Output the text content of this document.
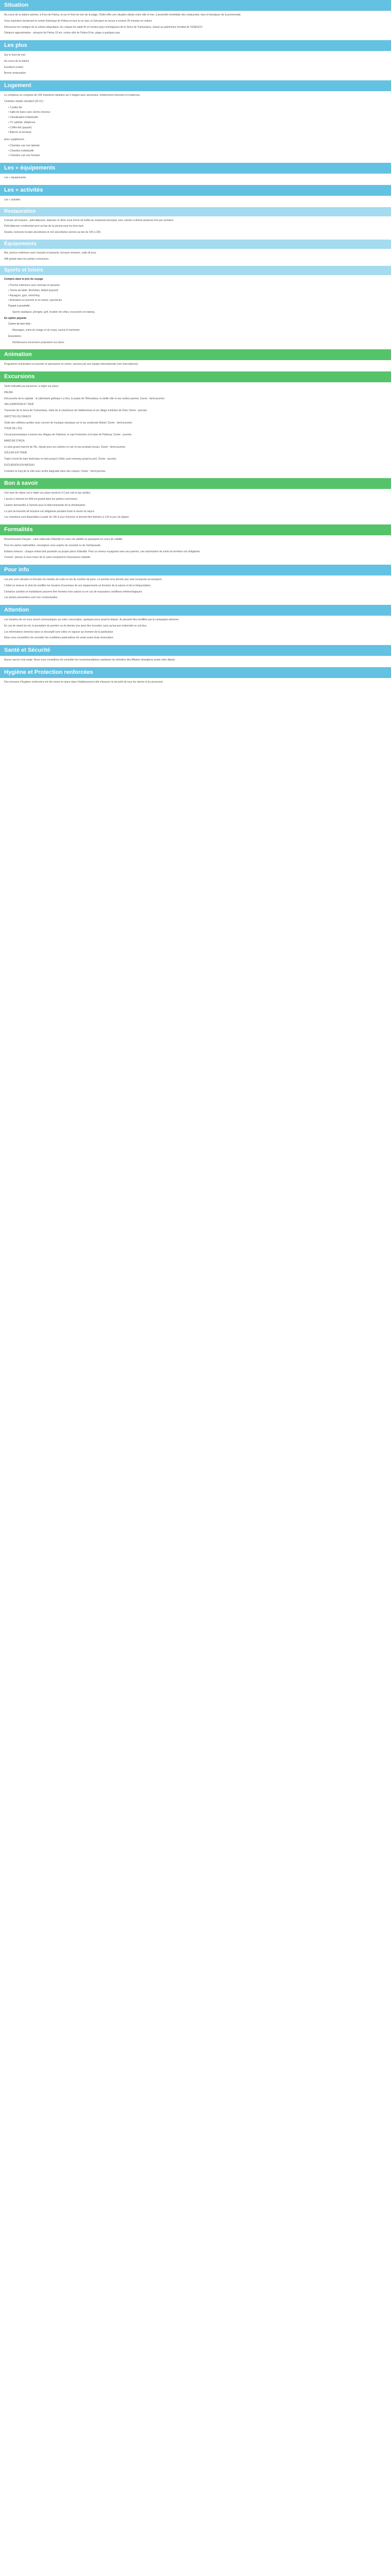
Situation

Au coeur de la station animée, à 8 km de Palma, et sur le front de mer de la plage, l'hôtel offre une situation idéale entre ville et mer, à proximité immédiate des restaurants, bars et boutiques de la promenade.

Vous rejoindrez facilement le centre historique de Palma en bus ou en taxi, et l'aéroport se trouve à environ 20 minutes en voiture.

Découvrez les vestiges de la culture talayotique, les criques de sable fin et l'arrière-pays montagneux de la Serra de Tramuntana, classé au patrimoine mondial de l'UNESCO.

Distance approximative : aéroport de Palma 15 km, centre-ville de Palma 8 km, plage à quelques pas.

Les plus

Sur le front de mer

Au coeur de la station

Excellent confort

Bonne restauration

Logement

Le complexe se compose de 165 chambres réparties sur 6 étages avec ascenseur, entièrement rénovées et modernes.

Chambre double standard (20 m²) :

• 2 petits lits
• Salle de bains avec sèche-cheveux
• Climatisation individuelle
• TV satellite, téléphone
• Coffre-fort (payant)
• Balcon ou terrasse

Avec supplément :

• Chambre vue mer latérale
• Chambre individuelle
• Chambre vue mer frontale
Les « équipements

Les « équipements

Les « activités

Les « activités

Restauration

Formule all inclusive : petit-déjeuner, déjeuner et dîner sous forme de buffet au restaurant principal, avec soirées à thème plusieurs fois par semaine.

Petit-déjeuner continental servi au bar de la piscine pour les lève-tard.

Snacks, boissons locales alcoolisées et non alcoolisées servies au bar de 10h à 23h.

Équipements

Bar, piscine extérieure avec transats et parasols, terrasse solarium, salle de jeux.

Wifi gratuit dans les parties communes.

Sports et loisirs

Compris dans le prix du voyage

• Piscine extérieure avec transats et parasols
• Tennis de table, fléchettes, billard (payant)
• Aquagym, gym, stretching
• Animation en journée et en soirée, spectacles

Payant à proximité :

Sports nautiques, plongée, golf, location de vélos, excursions en bateau.

En option payante

Centre de bien-être :

Massages, soins du visage et du corps, sauna et hammam.

Excursions :

Nombreuses excursions proposées sur place.

Animation

Programme d'animation en journée et spectacles en soirée, assurés par une équipe internationale (non francophone).

Excursions

Tarifs indicatifs par personne, à régler sur place.

PALMA

Découverte de la capitale : la cathédrale gothique La Seu, le palais de l'Almudaina, la vieille ville et ses ruelles pavées. Durée : demi-journée.

VALLDEMOSSA ET DEIÀ

Traversée de la Serra de Tramuntana, visite de la chartreuse de Valldemossa et du village d'artistes de Deià. Durée : journée.

GROTTES DU DRACH

Visite des célèbres grottes avec concert de musique classique sur le lac souterrain Martel. Durée : demi-journée.

TOUR DE L'ÎLE

Circuit panoramique à travers les villages de l'intérieur, le cap Formentor et la baie de Pollença. Durée : journée.

MARCHÉ D'INCA

Le plus grand marché de l'île, réputé pour ses articles en cuir et ses produits locaux. Durée : demi-journée.

SÓLLER EN TRAIN

Trajet à bord du train historique en bois jusqu'à Sóller, puis tramway jusqu'au port. Durée : journée.

EXCURSION EN BATEAU

Croisière le long de la côte avec arrêts baignade dans des criques. Durée : demi-journée.

Bon à savoir

Une taxe de séjour est à régler sur place (environ 2 € par nuit et par adulte).

L'accès à Internet en Wifi est gratuit dans les parties communes.

Caution demandée à l'arrivée pour la télécommande de la climatisation.

Le port du bracelet all inclusive est obligatoire pendant toute la durée du séjour.

Les chambres sont disponibles à partir de 14h le jour d'arrivée et doivent être libérées à 12h le jour du départ.

Formalités

Ressortissants français : carte nationale d'identité en cours de validité ou passeport en cours de validité.

Pour les autres nationalités, renseignez-vous auprès du consulat ou de l'ambassade.

Enfants mineurs : chaque enfant doit posséder sa propre pièce d'identité. Pour un mineur voyageant sans ses parents, une autorisation de sortie du territoire est obligatoire.

Conseil : pensez à vous munir de la carte européenne d'assurance maladie.

Pour info

Les prix sont calculés en fonction du nombre de nuits et non du nombre de jours. Le premier et le dernier jour sont consacrés au transport.

L'hôtel se réserve le droit de modifier les horaires d'ouverture de ses équipements en fonction de la saison et de la fréquentation.

Certaines activités et installations peuvent être fermées hors saison ou en cas de mauvaises conditions météorologiques.

Les photos présentées sont non contractuelles.

Attention

Les horaires de vol vous seront communiqués sur votre convocation, quelques jours avant le départ. Ils peuvent être modifiés par la compagnie aérienne.

En cas de retard du vol, la prestation du premier ou du dernier jour peut être écourtée, sans qu'aucune indemnité ne soit due.

Les informations données dans ce descriptif sont celles en vigueur au moment de la publication.

Nous vous conseillons de consulter les conditions particulières de vente avant toute réservation.

Santé et Sécurité

Aucun vaccin n'est exigé. Nous vous conseillons de consulter les recommandations sanitaires du ministère des Affaires étrangères avant votre départ.

Hygiène et Protection renforcées

Des mesures d'hygiène renforcées ont été mises en place dans l'établissement afin d'assurer la sécurité de tous les clients et du personnel.
